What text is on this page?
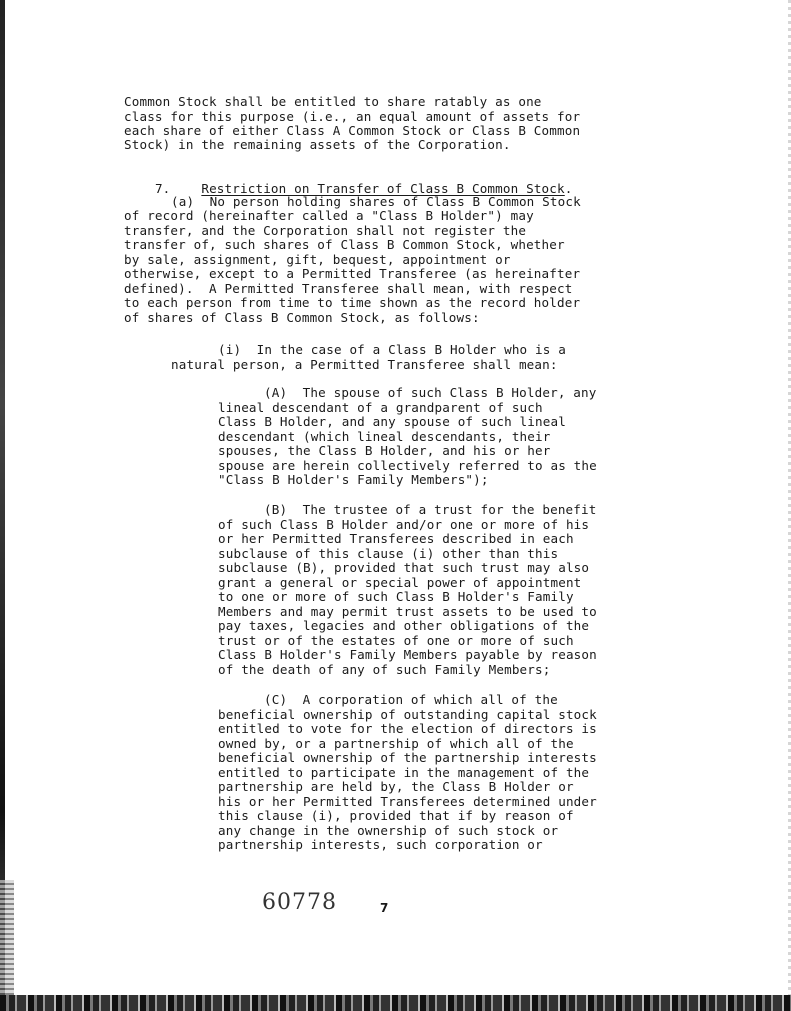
Common Stock shall be entitled to share ratably as one
class for this purpose (i.e., an equal amount of assets for
each share of either Class A Common Stock or Class B Common
Stock) in the remaining assets of the Corporation.

7. Restriction on Transfer of Class B Common Stock.

(a)  No person holding shares of Class B Common Stock
of record (hereinafter called a "Class B Holder") may
transfer, and the Corporation shall not register the
transfer of, such shares of Class B Common Stock, whether
by sale, assignment, gift, bequest, appointment or
otherwise, except to a Permitted Transferee (as hereinafter
defined).  A Permitted Transferee shall mean, with respect
to each person from time to time shown as the record holder
of shares of Class B Common Stock, as follows:
(i)  In the case of a Class B Holder who is a
natural person, a Permitted Transferee shall mean:
(A)  The spouse of such Class B Holder, any
lineal descendant of a grandparent of such
Class B Holder, and any spouse of such lineal
descendant (which lineal descendants, their
spouses, the Class B Holder, and his or her
spouse are herein collectively referred to as the
"Class B Holder's Family Members");
(B)  The trustee of a trust for the benefit
of such Class B Holder and/or one or more of his
or her Permitted Transferees described in each
subclause of this clause (i) other than this
subclause (B), provided that such trust may also
grant a general or special power of appointment
to one or more of such Class B Holder's Family
Members and may permit trust assets to be used to
pay taxes, legacies and other obligations of the
trust or of the estates of one or more of such
Class B Holder's Family Members payable by reason
of the death of any of such Family Members;
(C)  A corporation of which all of the
beneficial ownership of outstanding capital stock
entitled to vote for the election of directors is
owned by, or a partnership of which all of the
beneficial ownership of the partnership interests
entitled to participate in the management of the
partnership are held by, the Class B Holder or
his or her Permitted Transferees determined under
this clause (i), provided that if by reason of
any change in the ownership of such stock or
partnership interests, such corporation or
60778	7
